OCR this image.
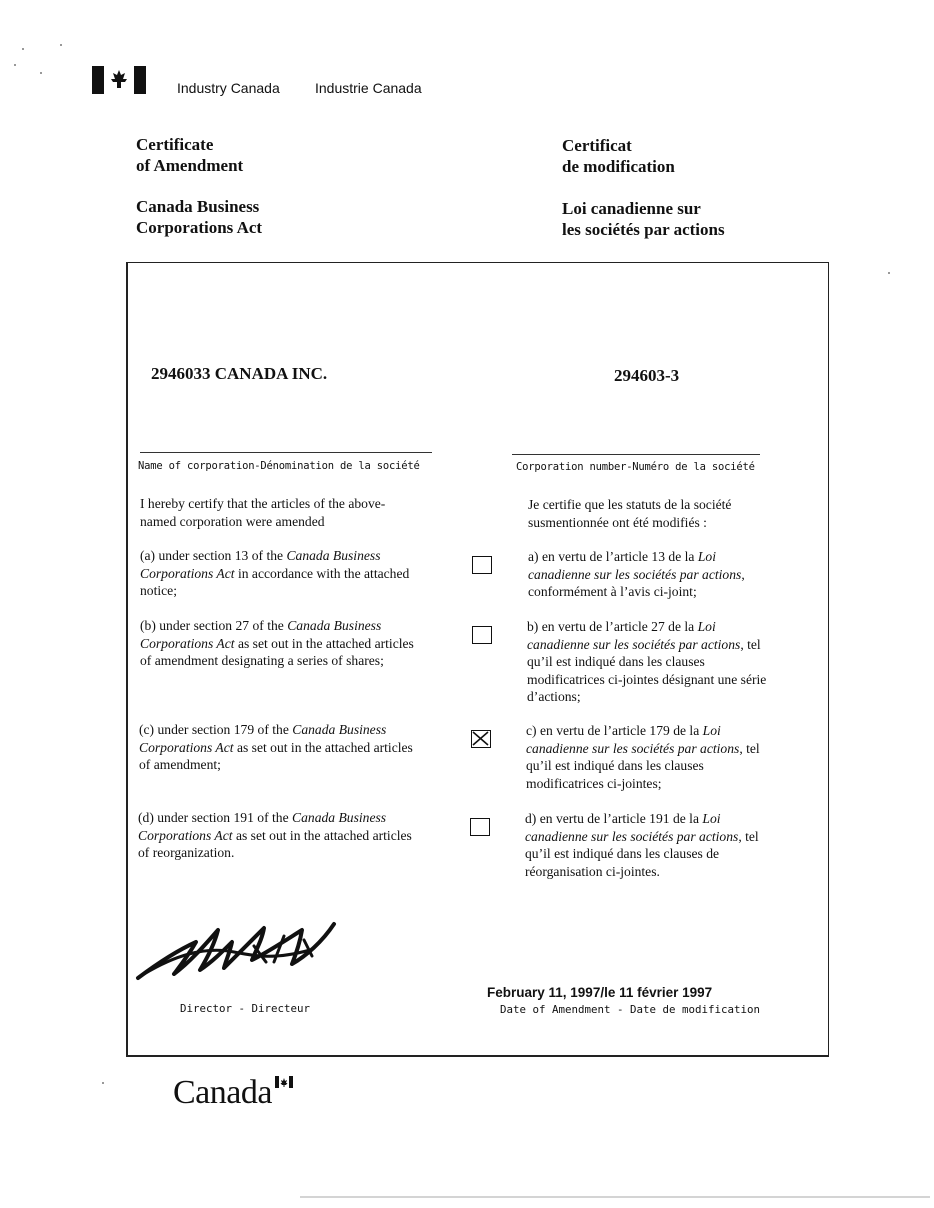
Industry Canada	Industrie Canada
Certificate
of Amendment
Certificat
de modification
Canada Business
Corporations Act
Loi canadienne sur
les sociétés par actions
2946033 CANADA INC.	294603-3
Name of corporation-Dénomination de la société	Corporation number-Numéro de la société
I hereby certify that the articles of the above-
named corporation were amended
Je certifie que les statuts de la société
susmentionnée ont été modifiés :
(a) under section 13 of the Canada Business
Corporations Act in accordance with the attached
notice;
a) en vertu de l’article 13 de la Loi
canadienne sur les sociétés par actions,
conformément à l’avis ci-joint;
(b) under section 27 of the Canada Business
Corporations Act as set out in the attached articles
of amendment designating a series of shares;
b) en vertu de l’article 27 de la Loi
canadienne sur les sociétés par actions, tel
qu’il est indiqué dans les clauses
modificatrices ci-jointes désignant une série
d’actions;
(c) under section 179 of the Canada Business
Corporations Act as set out in the attached articles
of amendment;
c) en vertu de l’article 179 de la Loi
canadienne sur les sociétés par actions, tel
qu’il est indiqué dans les clauses
modificatrices ci-jointes;
(d) under section 191 of the Canada Business
Corporations Act as set out in the attached articles
of reorganization.
d) en vertu de l’article 191 de la Loi
canadienne sur les sociétés par actions, tel
qu’il est indiqué dans les clauses de
réorganisation ci-jointes.
Director - Directeur
February 11, 1997/le 11 février 1997
Date of Amendment - Date de modification
Canada
